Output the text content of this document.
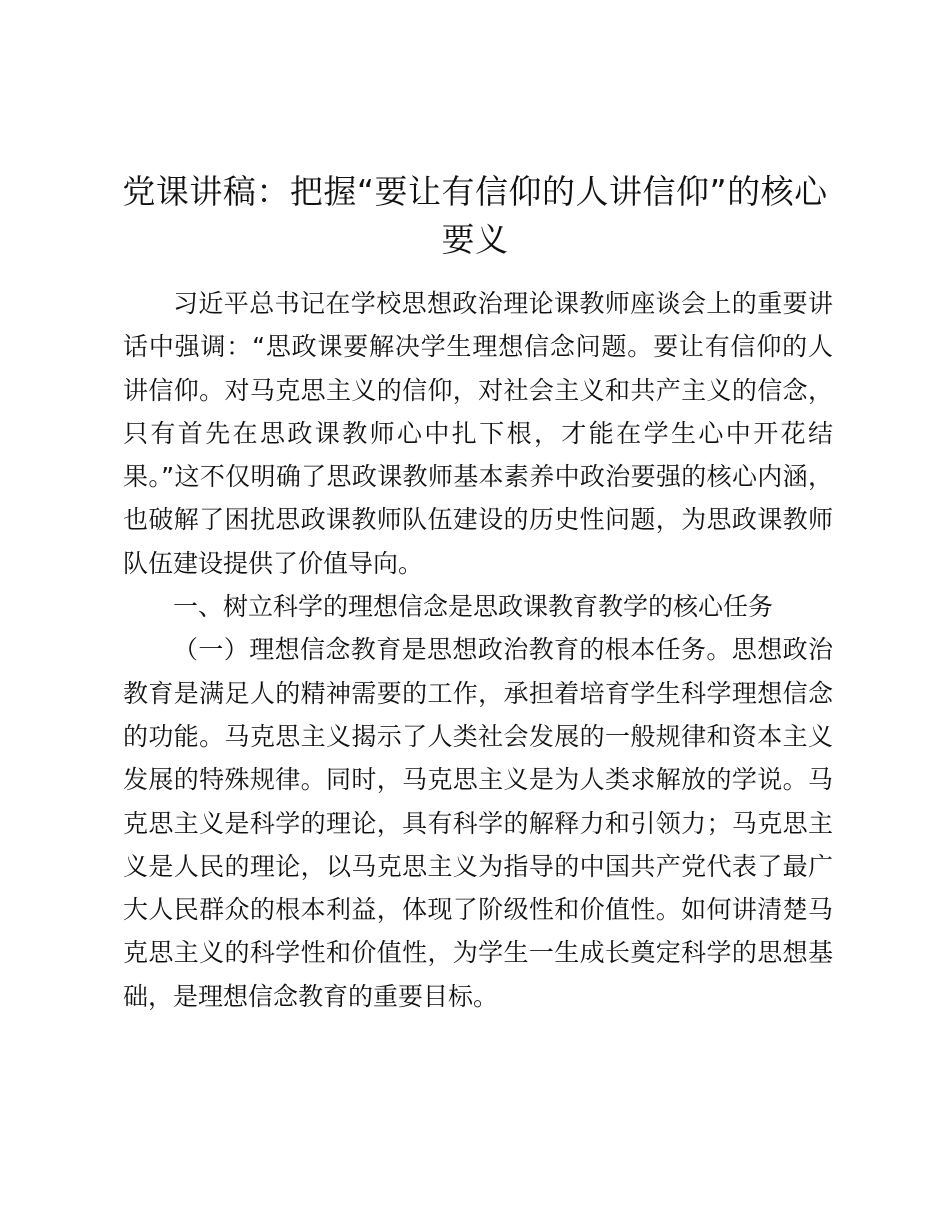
党课讲稿：把握“要让有信仰的人讲信仰”的核心要义

习近平总书记在学校思想政治理论课教师座谈会上的重要讲话中强调：“思政课要解决学生理想信念问题。要让有信仰的人讲信仰。对马克思主义的信仰，对社会主义和共产主义的信念，只有首先在思政课教师心中扎下根，才能在学生心中开花结果。”这不仅明确了思政课教师基本素养中政治要强的核心内涵，也破解了困扰思政课教师队伍建设的历史性问题，为思政课教师队伍建设提供了价值导向。

一、树立科学的理想信念是思政课教育教学的核心任务

（一）理想信念教育是思想政治教育的根本任务。思想政治教育是满足人的精神需要的工作，承担着培育学生科学理想信念的功能。马克思主义揭示了人类社会发展的一般规律和资本主义发展的特殊规律。同时，马克思主义是为人类求解放的学说。马克思主义是科学的理论，具有科学的解释力和引领力；马克思主义是人民的理论，以马克思主义为指导的中国共产党代表了最广大人民群众的根本利益，体现了阶级性和价值性。如何讲清楚马克思主义的科学性和价值性，为学生一生成长奠定科学的思想基础，是理想信念教育的重要目标。
